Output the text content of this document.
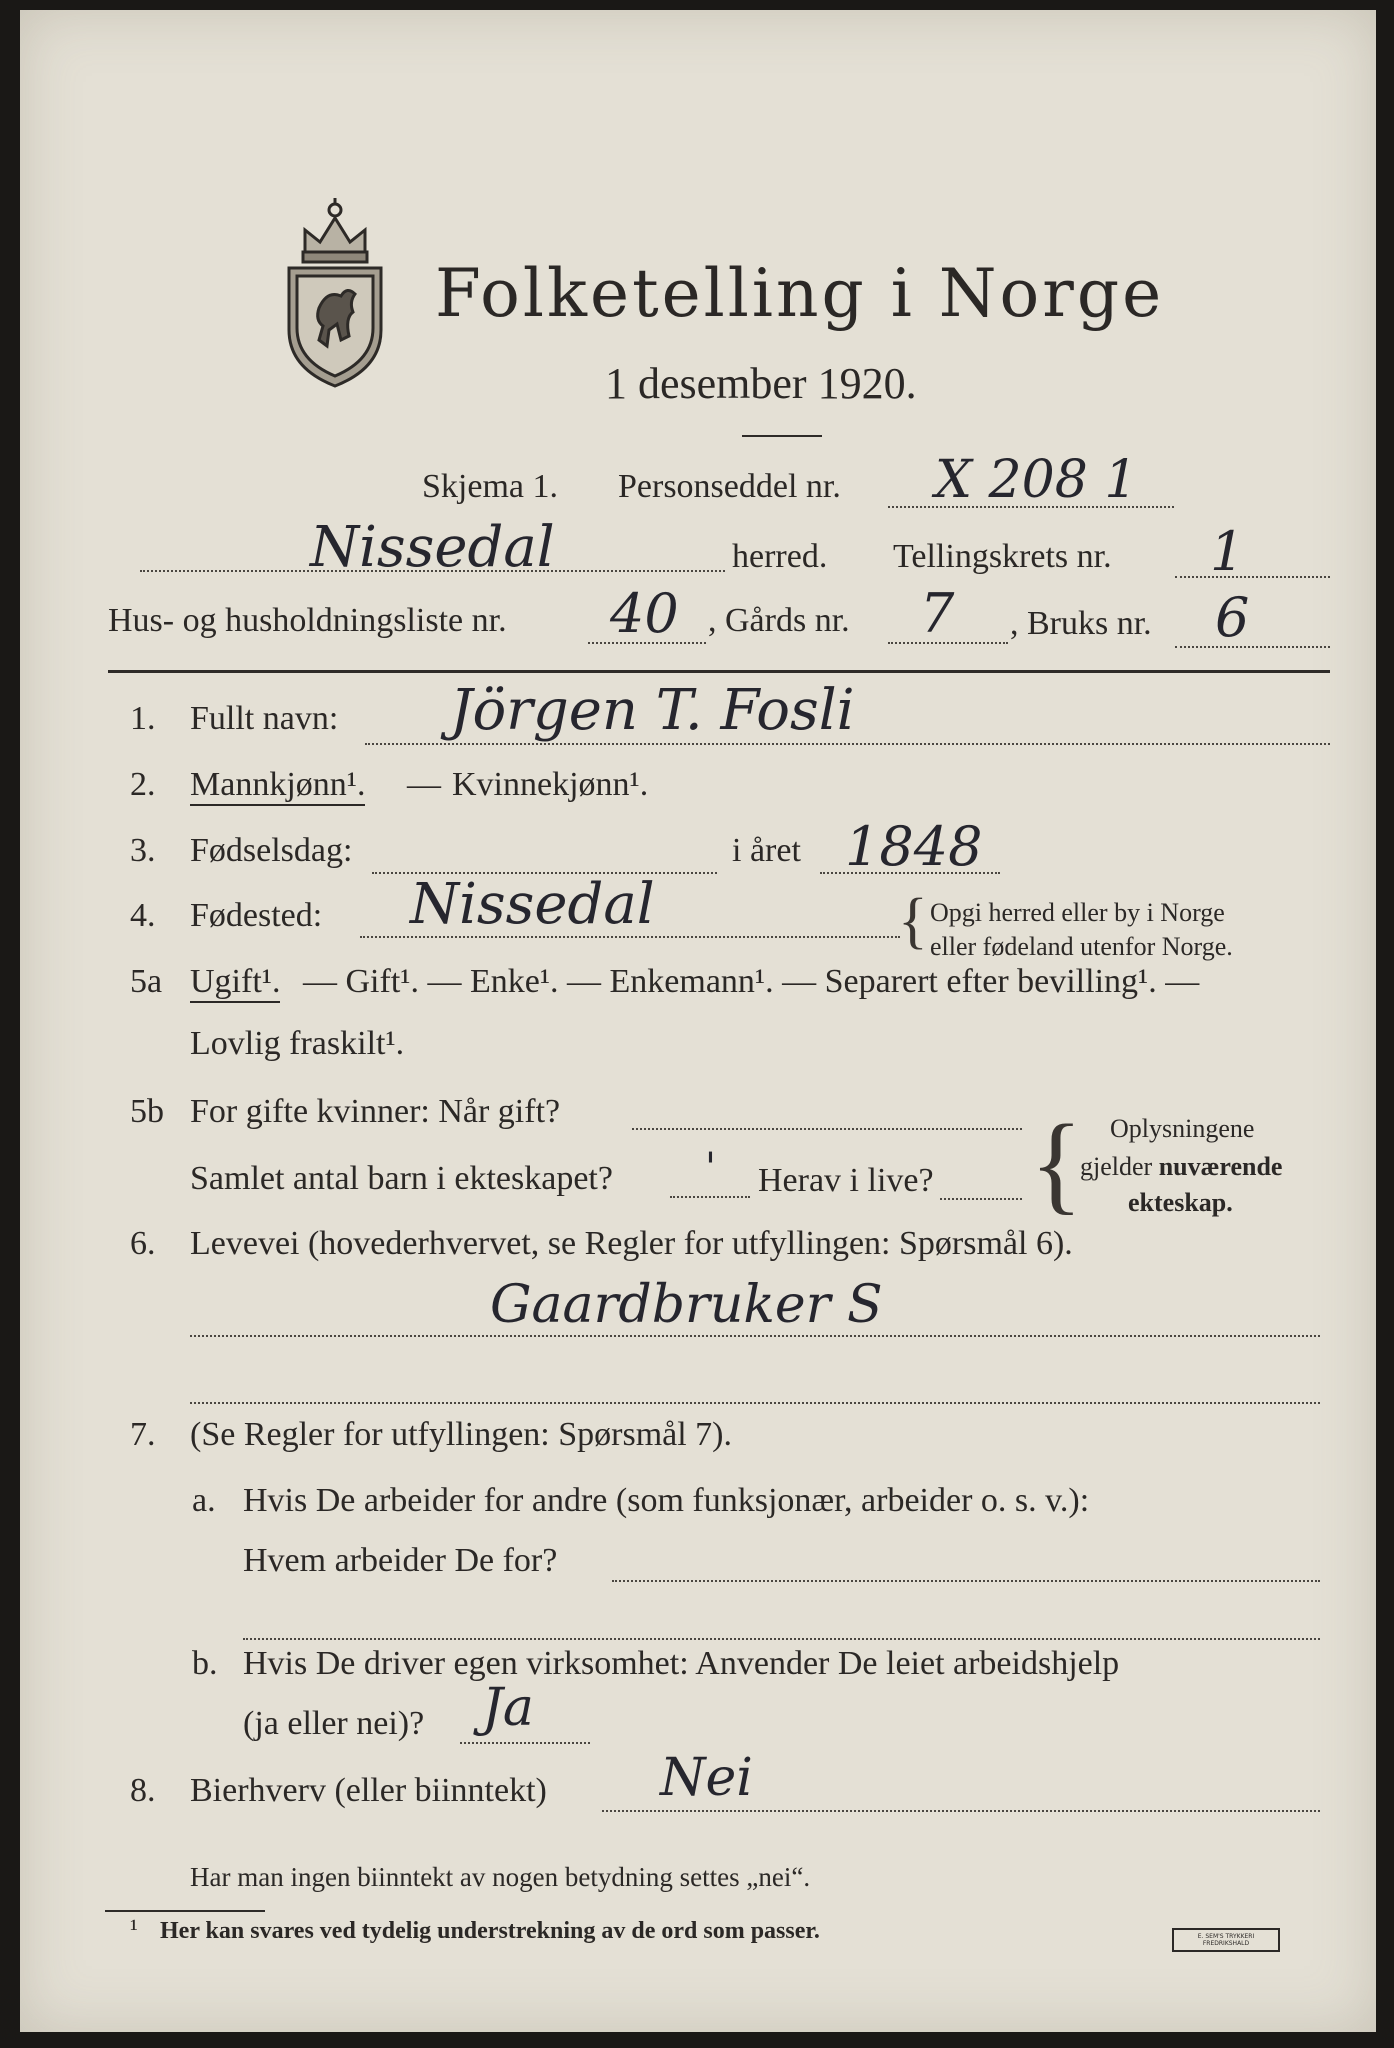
Folketelling i Norge
1 desember 1920.
Skjema 1. Personseddel nr. X 208 1
Nissedal	herred. Tellingskrets nr. 1
Hus- og husholdningsliste nr. 40 , Gårds nr. 7 , Bruks nr. 6
1. Fullt navn: Jörgen T. Fosli
2. Mannkjønn¹. — Kvinnekjønn¹.
3. Fødselsdag:	i året 1848
4. Fødested: Nissedal	{ Opgi herred eller by i Norge
eller fødeland utenfor Norge.
5a Ugift¹. — Gift¹. — Enke¹. — Enkemann¹. — Separert efter bevilling¹. —
Lovlig fraskilt¹.
5b For gifte kvinner: Når gift?
Samlet antal barn i ekteskapet? ' Herav i live? { Oplysningene
gjelder nuværende
ekteskap.
6. Levevei (hovederhvervet, se Regler for utfyllingen: Spørsmål 6).
Gaardbruker S
7. (Se Regler for utfyllingen: Spørsmål 7).
a. Hvis De arbeider for andre (som funksjonær, arbeider o. s. v.):
Hvem arbeider De for?
b. Hvis De driver egen virksomhet: Anvender De leiet arbeidshjelp
(ja eller nei)? Ja
8. Bierhverv (eller biinntekt) Nei
Har man ingen biinntekt av nogen betydning settes „nei“.
¹ Her kan svares ved tydelig understrekning av de ord som passer.	E. SEM'S TRYKKERI FREDRIKSHALD
